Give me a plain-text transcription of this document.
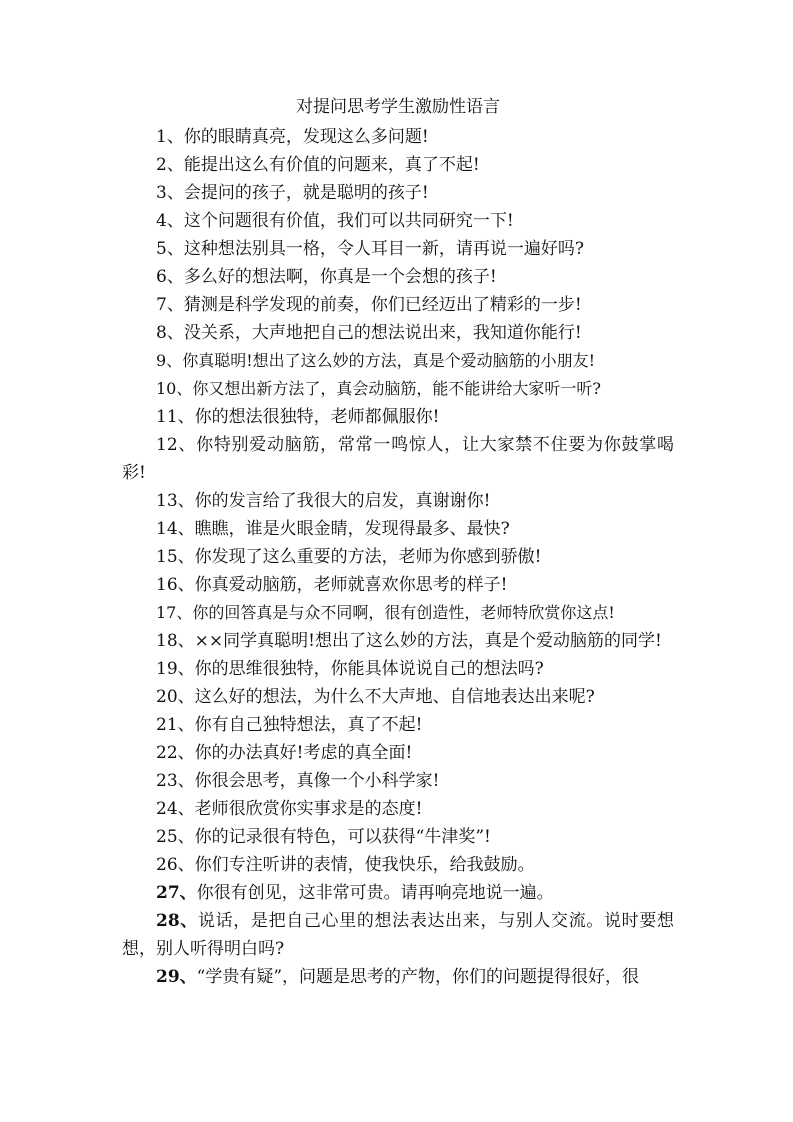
对提问思考学生激励性语言

1、你的眼睛真亮，发现这么多问题!

2、能提出这么有价值的问题来，真了不起!

3、会提问的孩子，就是聪明的孩子!

4、这个问题很有价值，我们可以共同研究一下!

5、这种想法别具一格，令人耳目一新，请再说一遍好吗?

6、多么好的想法啊，你真是一个会想的孩子!

7、猜测是科学发现的前奏，你们已经迈出了精彩的一步!

8、没关系，大声地把自己的想法说出来，我知道你能行!

9、你真聪明!想出了这么妙的方法，真是个爱动脑筋的小朋友!

10、你又想出新方法了，真会动脑筋，能不能讲给大家听一听?

11、你的想法很独特，老师都佩服你!

12、你特别爱动脑筋，常常一鸣惊人，让大家禁不住要为你鼓掌喝彩!

13、你的发言给了我很大的启发，真谢谢你!

14、瞧瞧，谁是火眼金睛，发现得最多、最快?

15、你发现了这么重要的方法，老师为你感到骄傲!

16、你真爱动脑筋，老师就喜欢你思考的样子!

17、你的回答真是与众不同啊，很有创造性，老师特欣赏你这点!

18、××同学真聪明!想出了这么妙的方法，真是个爱动脑筋的同学!

19、你的思维很独特，你能具体说说自己的想法吗?

20、这么好的想法，为什么不大声地、自信地表达出来呢?

21、你有自己独特想法，真了不起!

22、你的办法真好!考虑的真全面!

23、你很会思考，真像一个小科学家!

24、老师很欣赏你实事求是的态度!

25、你的记录很有特色，可以获得“牛津奖”!

26、你们专注听讲的表情，使我快乐，给我鼓励。

27、你很有创见，这非常可贵。请再响亮地说一遍。

28、说话，是把自己心里的想法表达出来，与别人交流。说时要想想，别人听得明白吗?

29、“学贵有疑”，问题是思考的产物，你们的问题提得很好，很
